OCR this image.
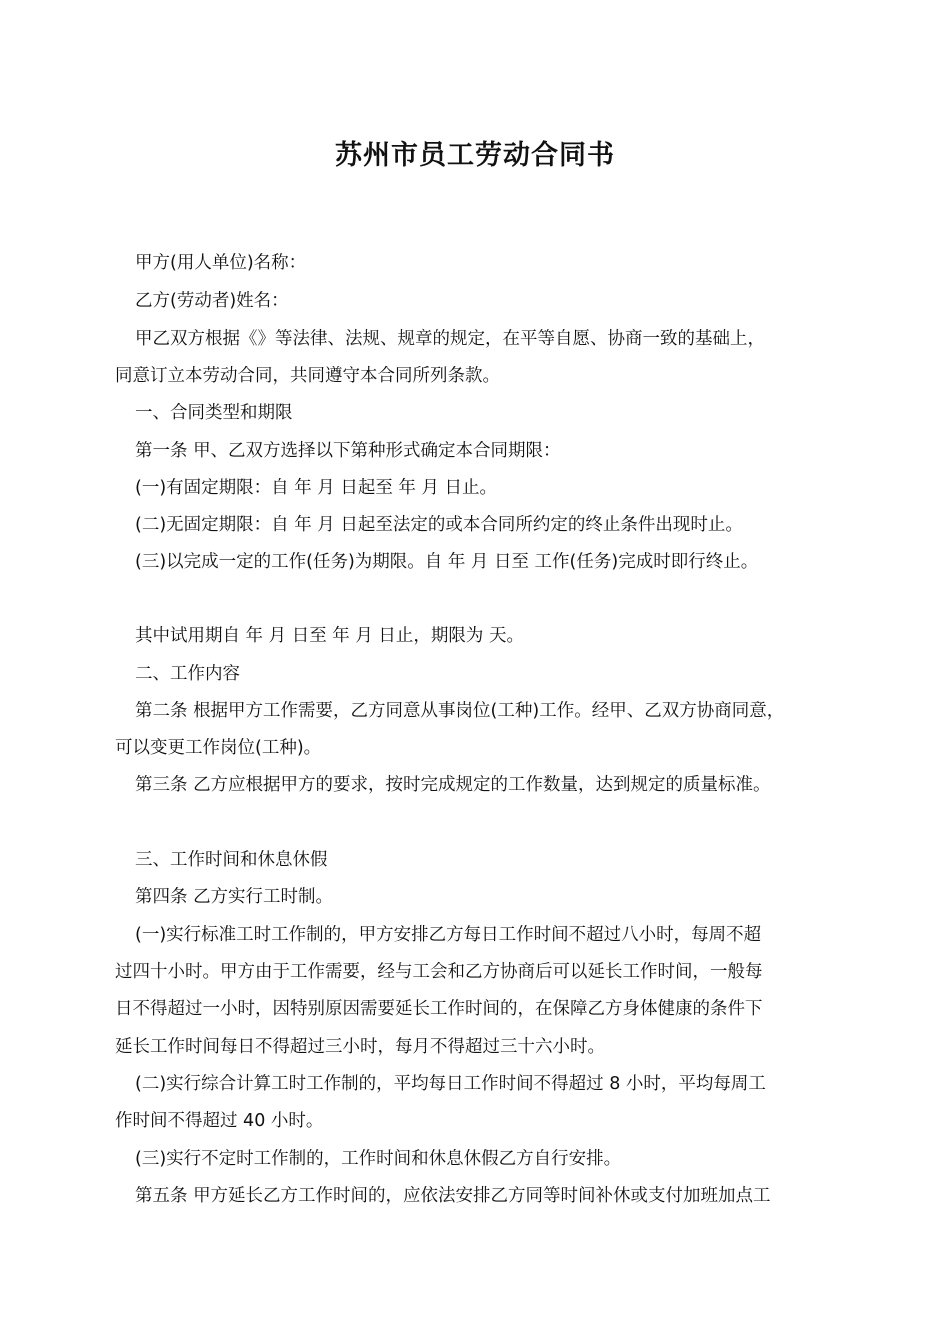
苏州市员工劳动合同书
甲方(用人单位)名称：
乙方(劳动者)姓名：
甲乙双方根据《》等法律、法规、规章的规定，在平等自愿、协商一致的基础上，
同意订立本劳动合同，共同遵守本合同所列条款。
一、合同类型和期限
第一条 甲、乙双方选择以下第种形式确定本合同期限：
(一)有固定期限：自 年 月 日起至 年 月 日止。
(二)无固定期限：自 年 月 日起至法定的或本合同所约定的终止条件出现时止。
(三)以完成一定的工作(任务)为期限。自 年 月 日至 工作(任务)完成时即行终止。
其中试用期自 年 月 日至 年 月 日止，期限为 天。
二、工作内容
第二条 根据甲方工作需要，乙方同意从事岗位(工种)工作。经甲、乙双方协商同意，
可以变更工作岗位(工种)。
第三条 乙方应根据甲方的要求，按时完成规定的工作数量，达到规定的质量标准。
三、工作时间和休息休假
第四条 乙方实行工时制。
(一)实行标准工时工作制的，甲方安排乙方每日工作时间不超过八小时，每周不超
过四十小时。甲方由于工作需要，经与工会和乙方协商后可以延长工作时间，一般每
日不得超过一小时，因特别原因需要延长工作时间的，在保障乙方身体健康的条件下
延长工作时间每日不得超过三小时，每月不得超过三十六小时。
(二)实行综合计算工时工作制的，平均每日工作时间不得超过 8 小时，平均每周工
作时间不得超过 40 小时。
(三)实行不定时工作制的，工作时间和休息休假乙方自行安排。
第五条 甲方延长乙方工作时间的，应依法安排乙方同等时间补休或支付加班加点工
